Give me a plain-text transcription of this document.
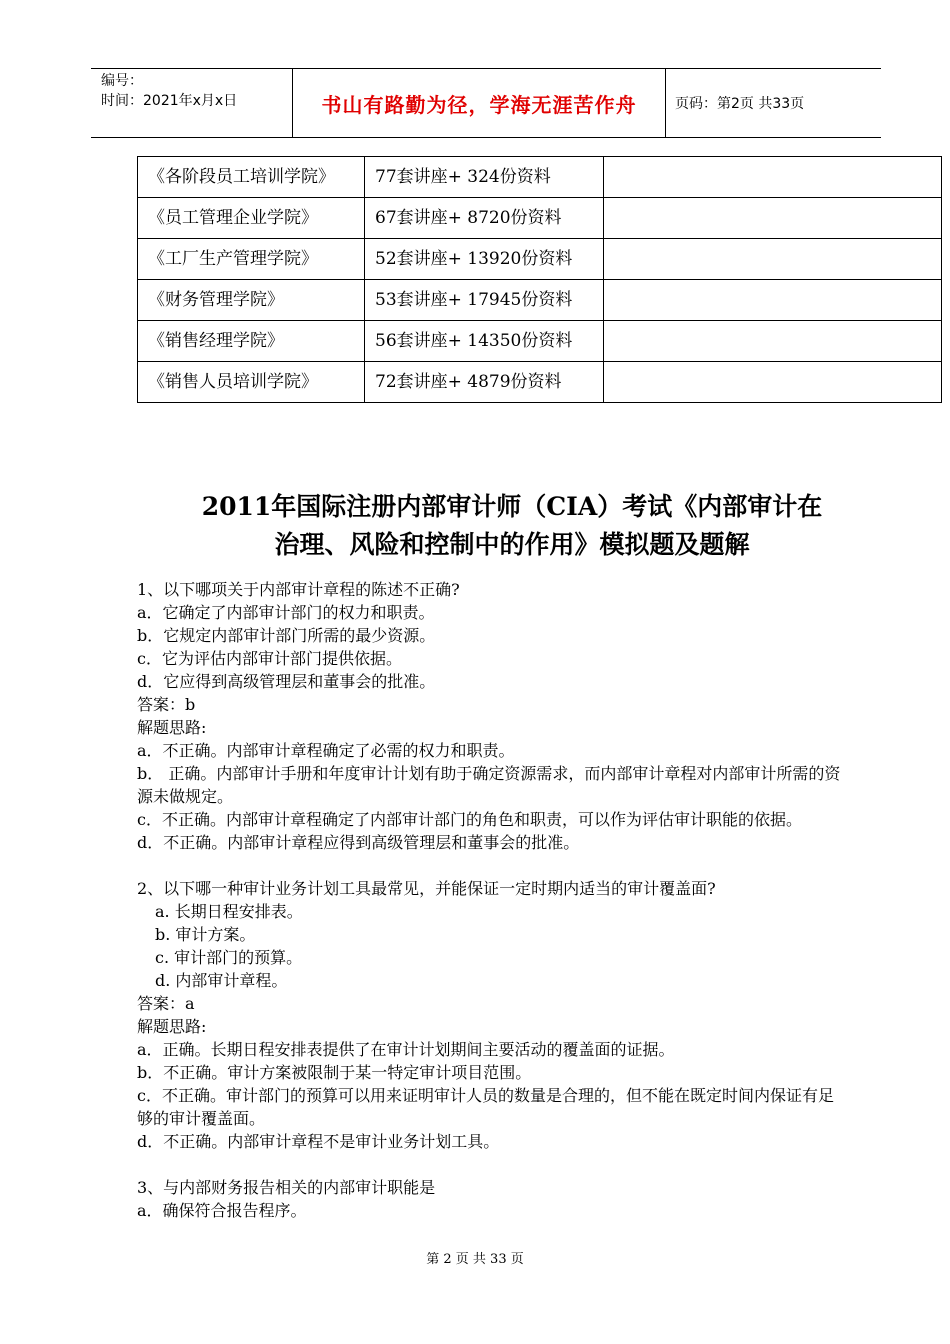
编号：
时间：2021年x月x日	书山有路勤为径，学海无涯苦作舟	页码：第2页 共33页
《各阶段员工培训学院》	77套讲座+ 324份资料	
《员工管理企业学院》	67套讲座+ 8720份资料	
《工厂生产管理学院》	52套讲座+ 13920份资料	
《财务管理学院》	53套讲座+ 17945份资料	
《销售经理学院》	56套讲座+ 14350份资料	
《销售人员培训学院》	72套讲座+ 4879份资料	
2011年国际注册内部审计师（CIA）考试《内部审计在
治理、风险和控制中的作用》模拟题及题解

1、以下哪项关于内部审计章程的陈述不正确?

a．它确定了内部审计部门的权力和职责。

b．它规定内部审计部门所需的最少资源。

c．它为评估内部审计部门提供依据。

d．它应得到高级管理层和董事会的批准。

答案：b

解题思路:

a．不正确。内部审计章程确定了必需的权力和职责。

b． 正确。内部审计手册和年度审计计划有助于确定资源需求，而内部审计章程对内部审计所需的资源未做规定。

c．不正确。内部审计章程确定了内部审计部门的角色和职责，可以作为评估审计职能的依据。

d．不正确。内部审计章程应得到高级管理层和董事会的批准。

2、以下哪一种审计业务计划工具最常见，并能保证一定时期内适当的审计覆盖面?

a. 长期日程安排表。

b. 审计方案。

c. 审计部门的预算。

d. 内部审计章程。

答案：a

解题思路:

a．正确。长期日程安排表提供了在审计计划期间主要活动的覆盖面的证据。

b．不正确。审计方案被限制于某一特定审计项目范围。

c．不正确。审计部门的预算可以用来证明审计人员的数量是合理的，但不能在既定时间内保证有足够的审计覆盖面。

d．不正确。内部审计章程不是审计业务计划工具。

3、与内部财务报告相关的内部审计职能是

a．确保符合报告程序。

第 2 页 共 33 页
